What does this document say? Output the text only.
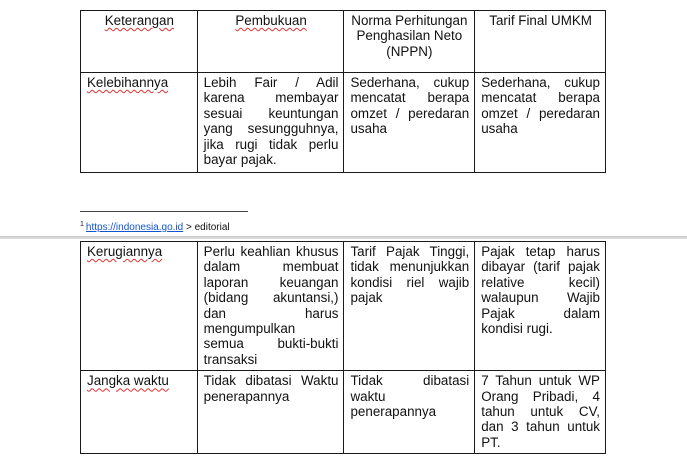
Keterangan	Pembukuan	Norma Perhitungan Penghasilan Neto (NPPN)	Tarif Final UMKM
Kelebihannya	Lebih Fair / Adil karena membayar sesuai keuntungan yang sesungguhnya, jika rugi tidak perlu bayar pajak.	Sederhana, cukup mencatat berapa omzet / peredaran usaha	Sederhana, cukup mencatat berapa omzet / peredaran usaha
$^1$ https://indonesia.go.id > editorial
Kerugiannya	Perlu keahlian khusus dalam membuat laporan keuangan (bidang akuntansi,) dan harus mengumpulkan semua bukti-bukti transaksi	Tarif Pajak Tinggi, tidak menunjukkan kondisi riel wajib pajak	Pajak tetap harus dibayar (tarif pajak relative kecil) walaupun Wajib Pajak dalam kondisi rugi.
Jangka waktu	Tidak dibatasi Waktu penerapannya	Tidak dibatasi waktu penerapannya	7 Tahun untuk WP Orang Pribadi, 4 tahun untuk CV, dan 3 tahun untuk PT.
